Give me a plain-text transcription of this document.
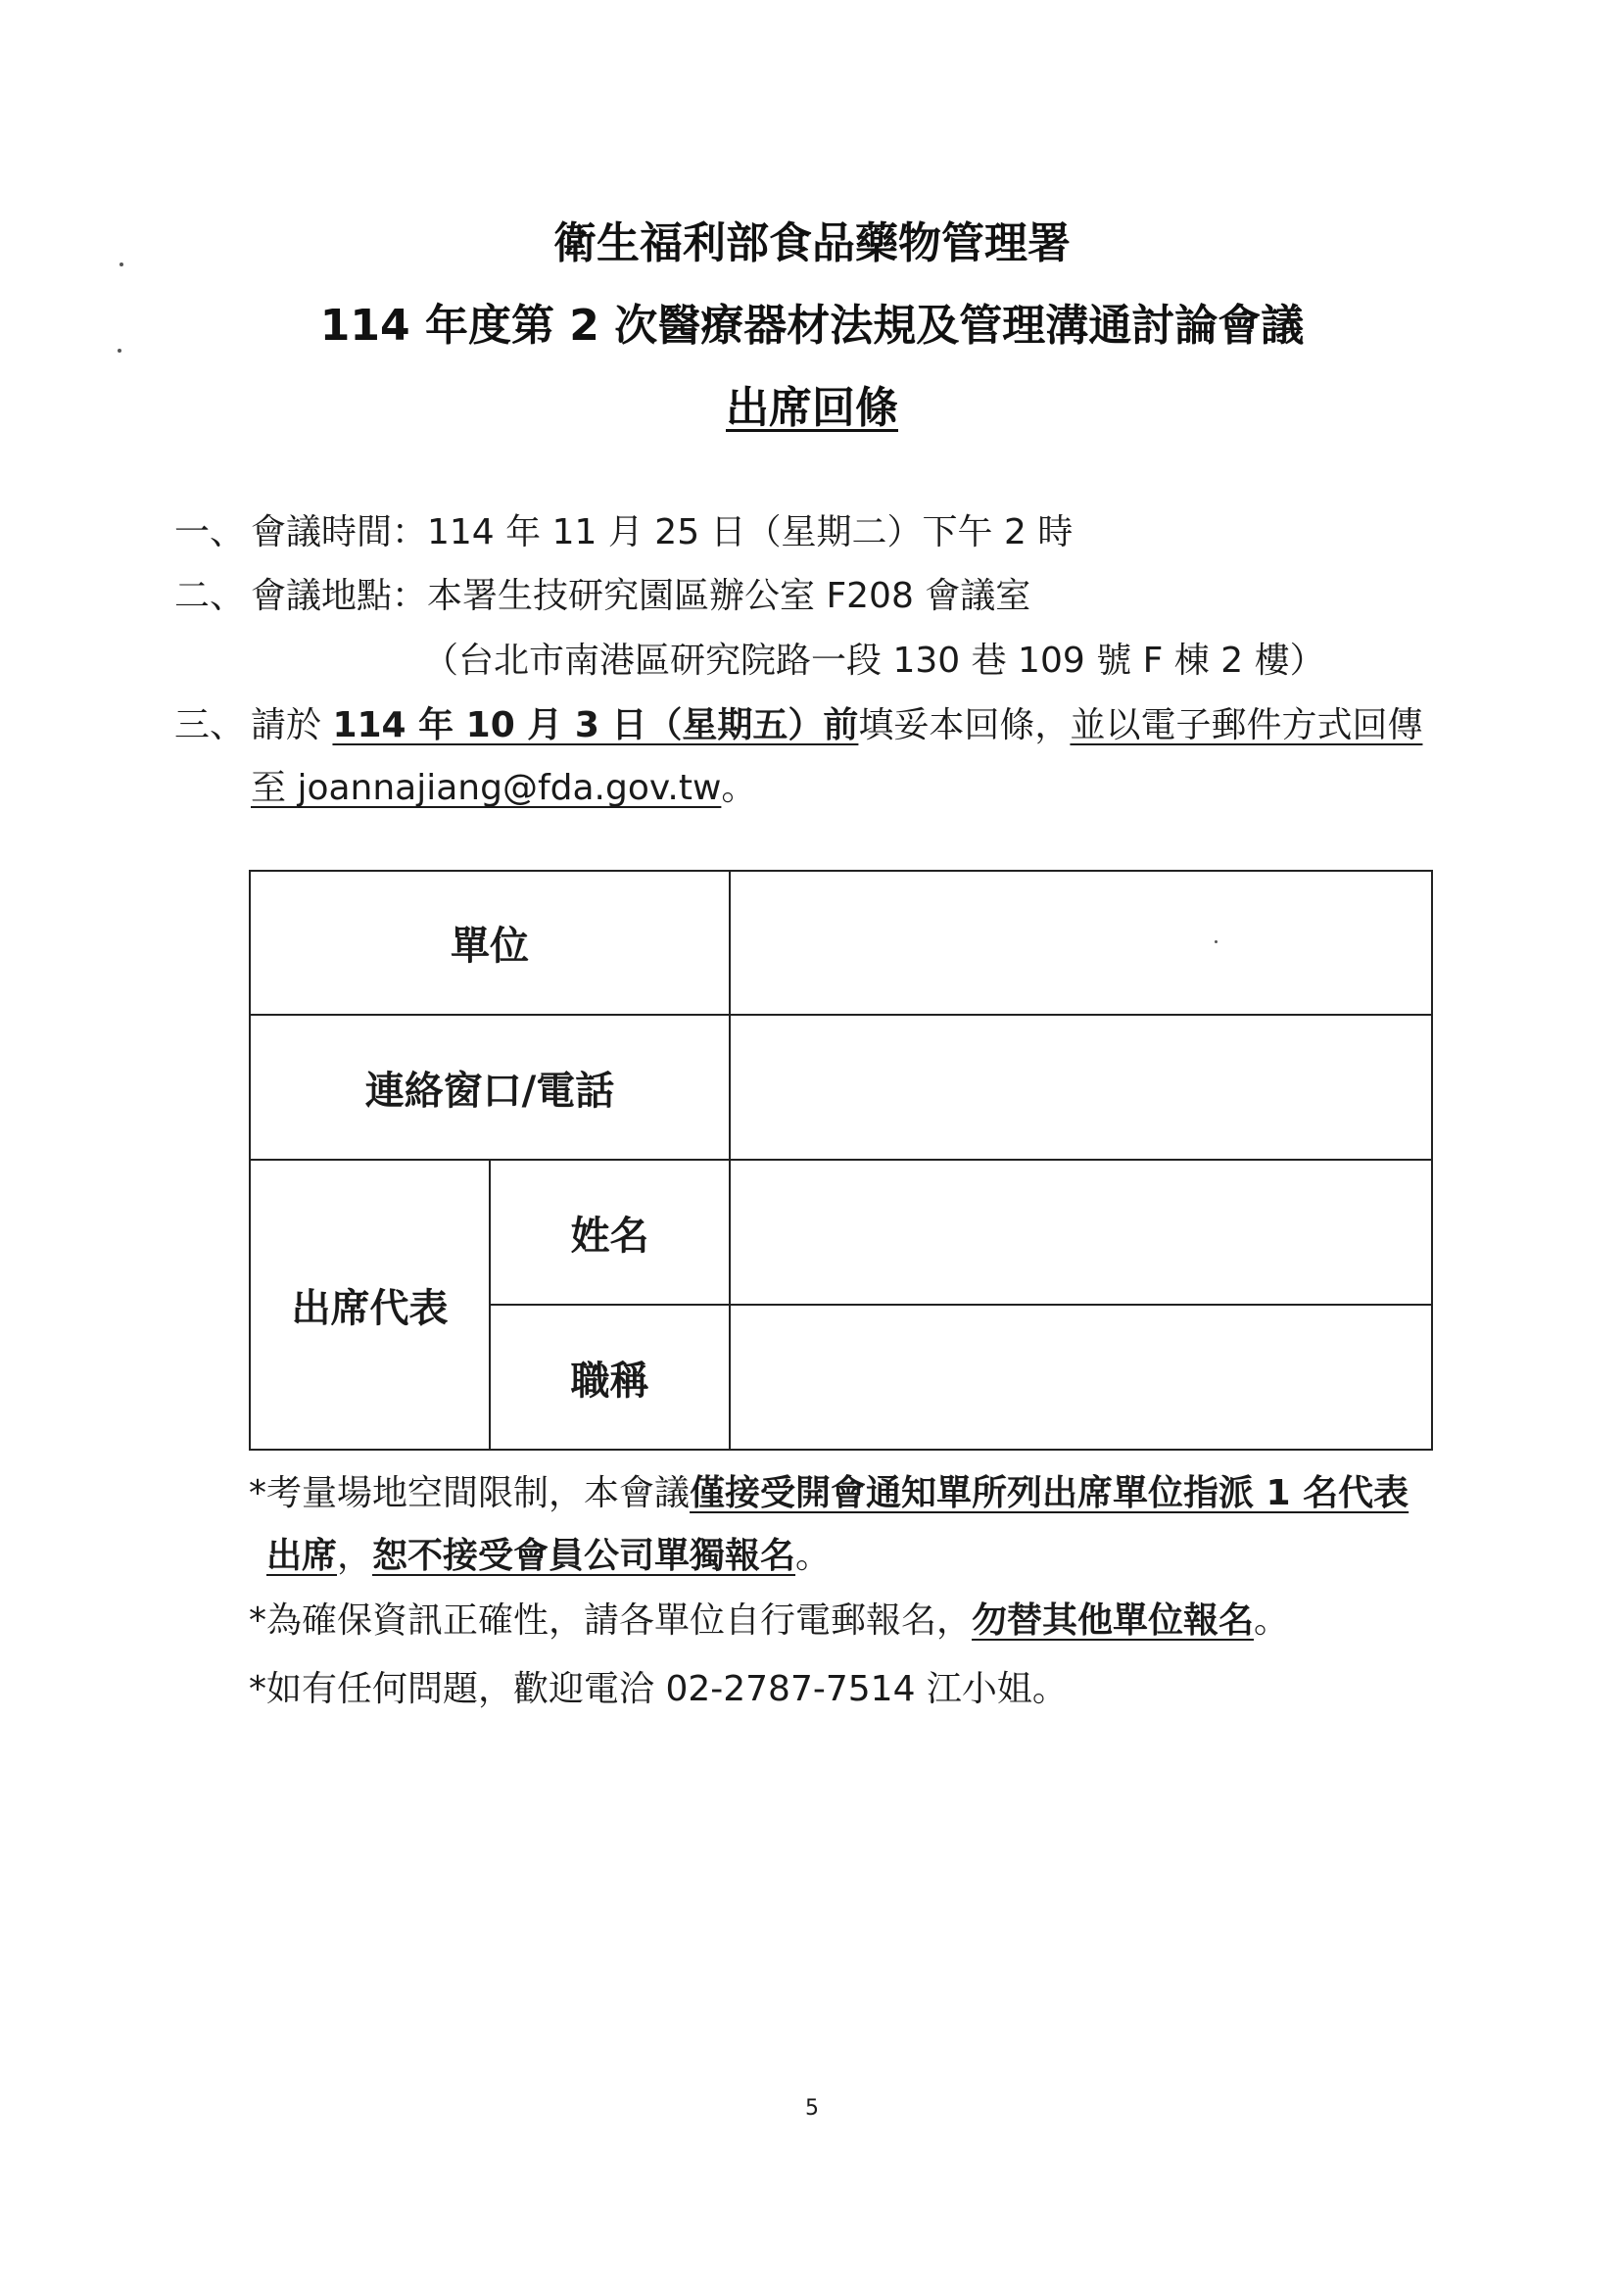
衛生福利部食品藥物管理署
114 年度第 2 次醫療器材法規及管理溝通討論會議
出席回條
一、 會議時間：114 年 11 月 25 日（星期二）下午 2 時
二、 會議地點：本署生技研究園區辦公室 F208 會議室
（台北市南港區研究院路一段 130 巷 109 號 F 棟 2 樓）
三、 請於 114 年 10 月 3 日（星期五）前填妥本回條，並以電子郵件方式回傳
至 joannajiang@fda.gov.tw。
單位		
連絡窗口/電話		
出席代表	姓名	
	職稱	
*考量場地空間限制，本會議僅接受開會通知單所列出席單位指派 1 名代表
出席，恕不接受會員公司單獨報名。
*為確保資訊正確性，請各單位自行電郵報名，勿替其他單位報名。
*如有任何問題，歡迎電洽 02-2787-7514 江小姐。
5
